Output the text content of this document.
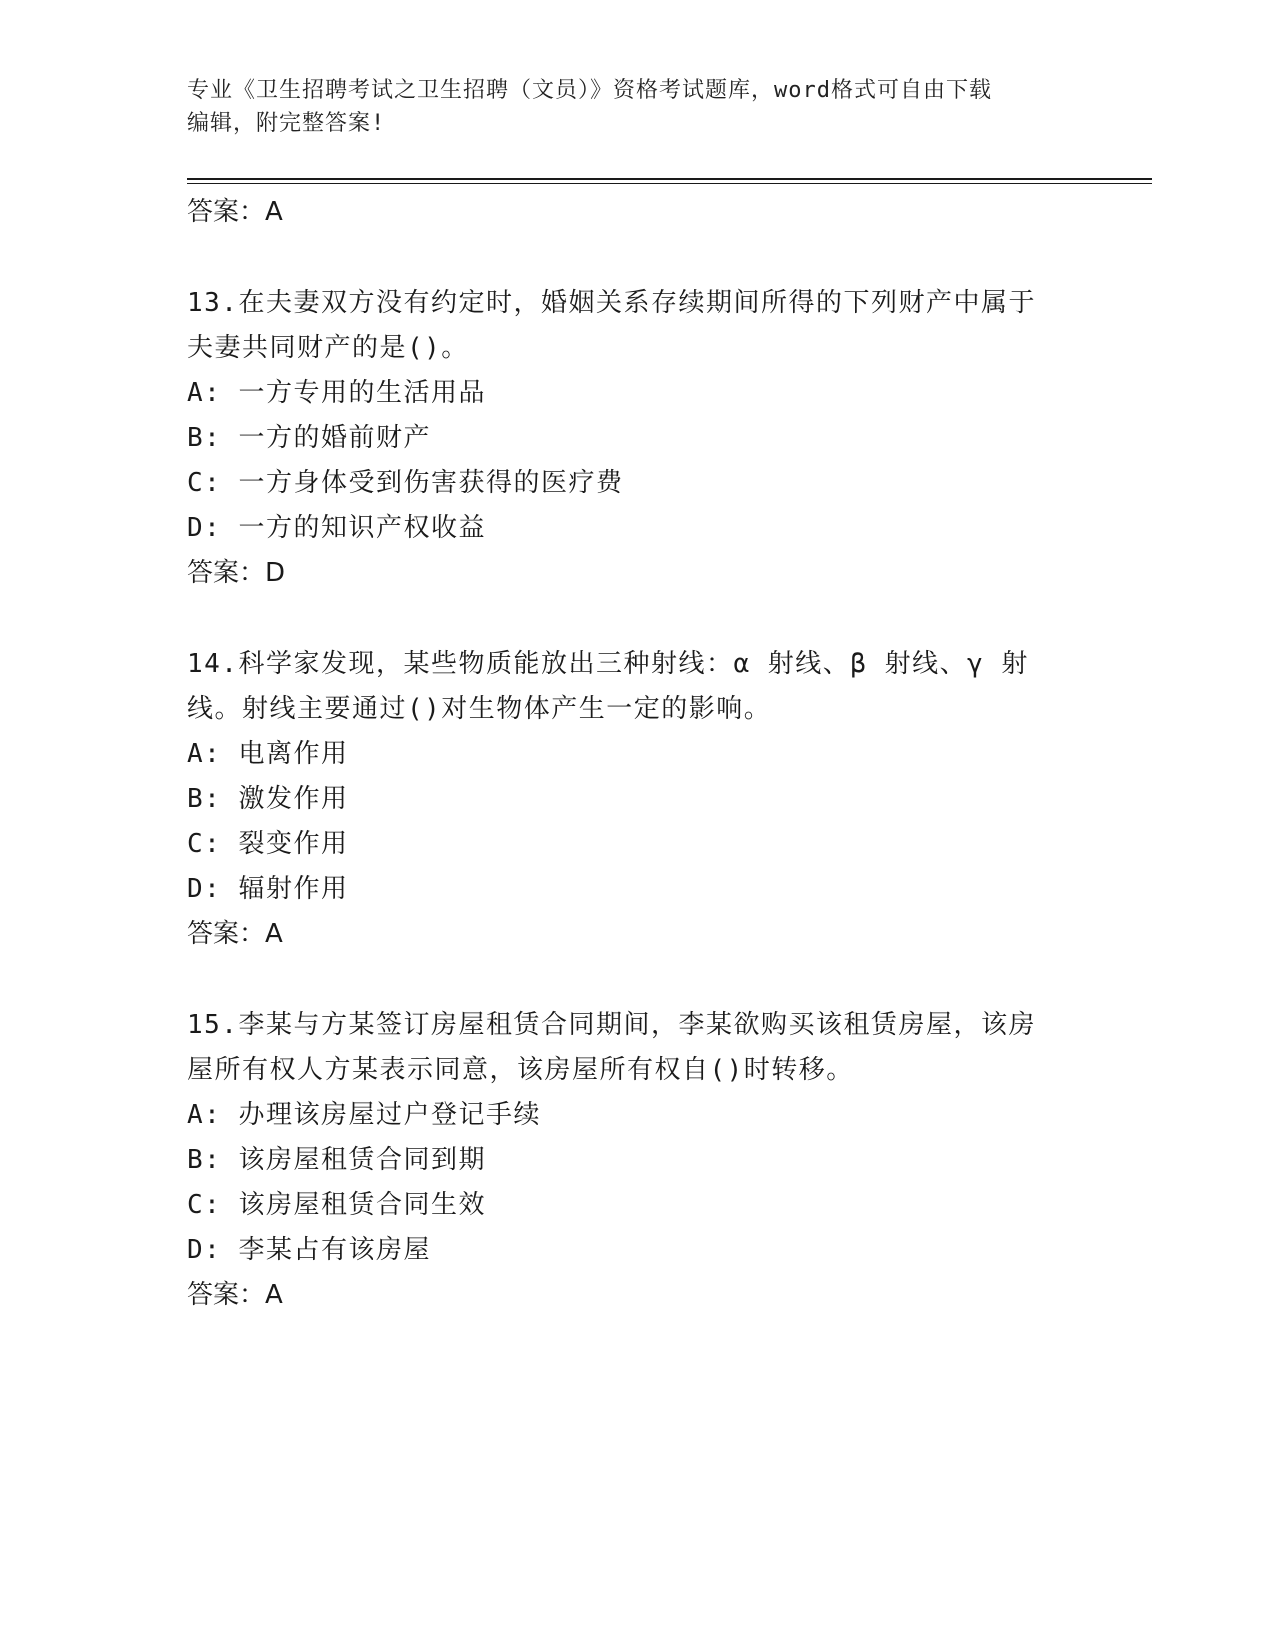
专业《卫生招聘考试之卫生招聘（文员）》资格考试题库，word格式可自由下载
编辑，附完整答案!
答案：A
13.在夫妻双方没有约定时，婚姻关系存续期间所得的下列财产中属于
夫妻共同财产的是()。
A: 一方专用的生活用品
B: 一方的婚前财产
C: 一方身体受到伤害获得的医疗费
D: 一方的知识产权收益
答案：D
14.科学家发现，某些物质能放出三种射线：α 射线、β 射线、γ 射
线。射线主要通过()对生物体产生一定的影响。
A: 电离作用
B: 激发作用
C: 裂变作用
D: 辐射作用
答案：A
15.李某与方某签订房屋租赁合同期间，李某欲购买该租赁房屋，该房
屋所有权人方某表示同意，该房屋所有权自()时转移。
A: 办理该房屋过户登记手续
B: 该房屋租赁合同到期
C: 该房屋租赁合同生效
D: 李某占有该房屋
答案：A
